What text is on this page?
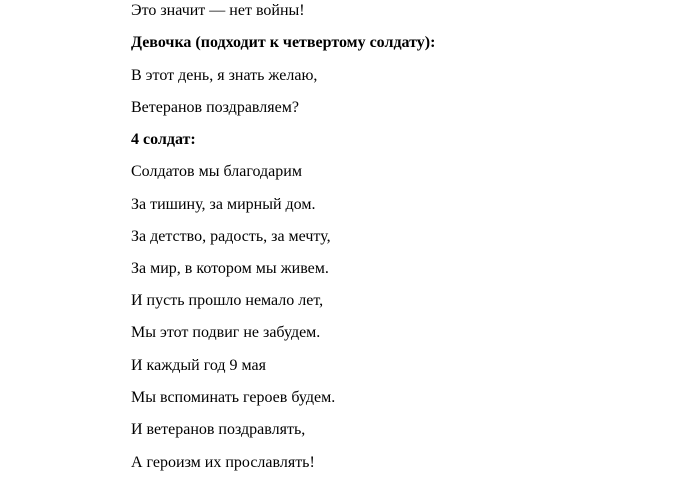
Это значит — нет войны!
Девочка (подходит к четвертому солдату):
В этот день, я знать желаю,
Ветеранов поздравляем?
4 солдат:
Солдатов мы благодарим
За тишину, за мирный дом.
За детство, радость, за мечту,
За мир, в котором мы живем.
И пусть прошло немало лет,
Мы этот подвиг не забудем.
И каждый год 9 мая
Мы вспоминать героев будем.
И ветеранов поздравлять,
А героизм их прославлять!
